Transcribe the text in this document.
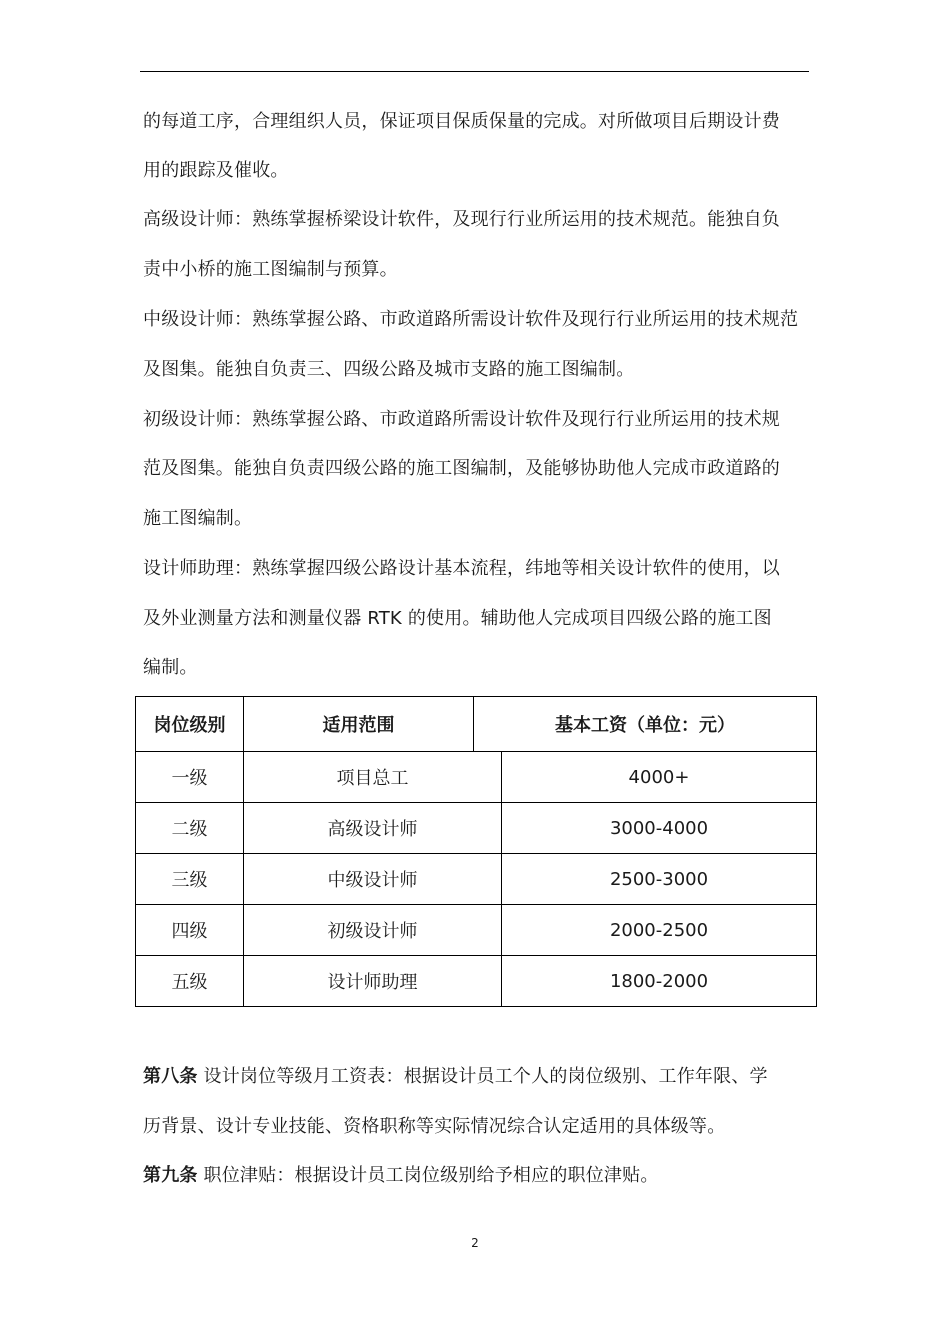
的每道工序，合理组织人员，保证项目保质保量的完成。对所做项目后期设计费
用的跟踪及催收。
高级设计师：熟练掌握桥梁设计软件，及现行行业所运用的技术规范。能独自负
责中小桥的施工图编制与预算。
中级设计师：熟练掌握公路、市政道路所需设计软件及现行行业所运用的技术规范
及图集。能独自负责三、四级公路及城市支路的施工图编制。
初级设计师：熟练掌握公路、市政道路所需设计软件及现行行业所运用的技术规
范及图集。能独自负责四级公路的施工图编制，及能够协助他人完成市政道路的
施工图编制。
设计师助理：熟练掌握四级公路设计基本流程，纬地等相关设计软件的使用，以
及外业测量方法和测量仪器 RTK 的使用。辅助他人完成项目四级公路的施工图
编制。
岗位级别	适用范围	基本工资（单位：元）	
一级	项目总工		4000+
二级	高级设计师		3000-4000
三级	中级设计师		2500-3000
四级	初级设计师		2000-2500
五级	设计师助理		1800-2000
第八条 设计岗位等级月工资表：根据设计员工个人的岗位级别、工作年限、学
历背景、设计专业技能、资格职称等实际情况综合认定适用的具体级等。
第九条 职位津贴：根据设计员工岗位级别给予相应的职位津贴。
2
